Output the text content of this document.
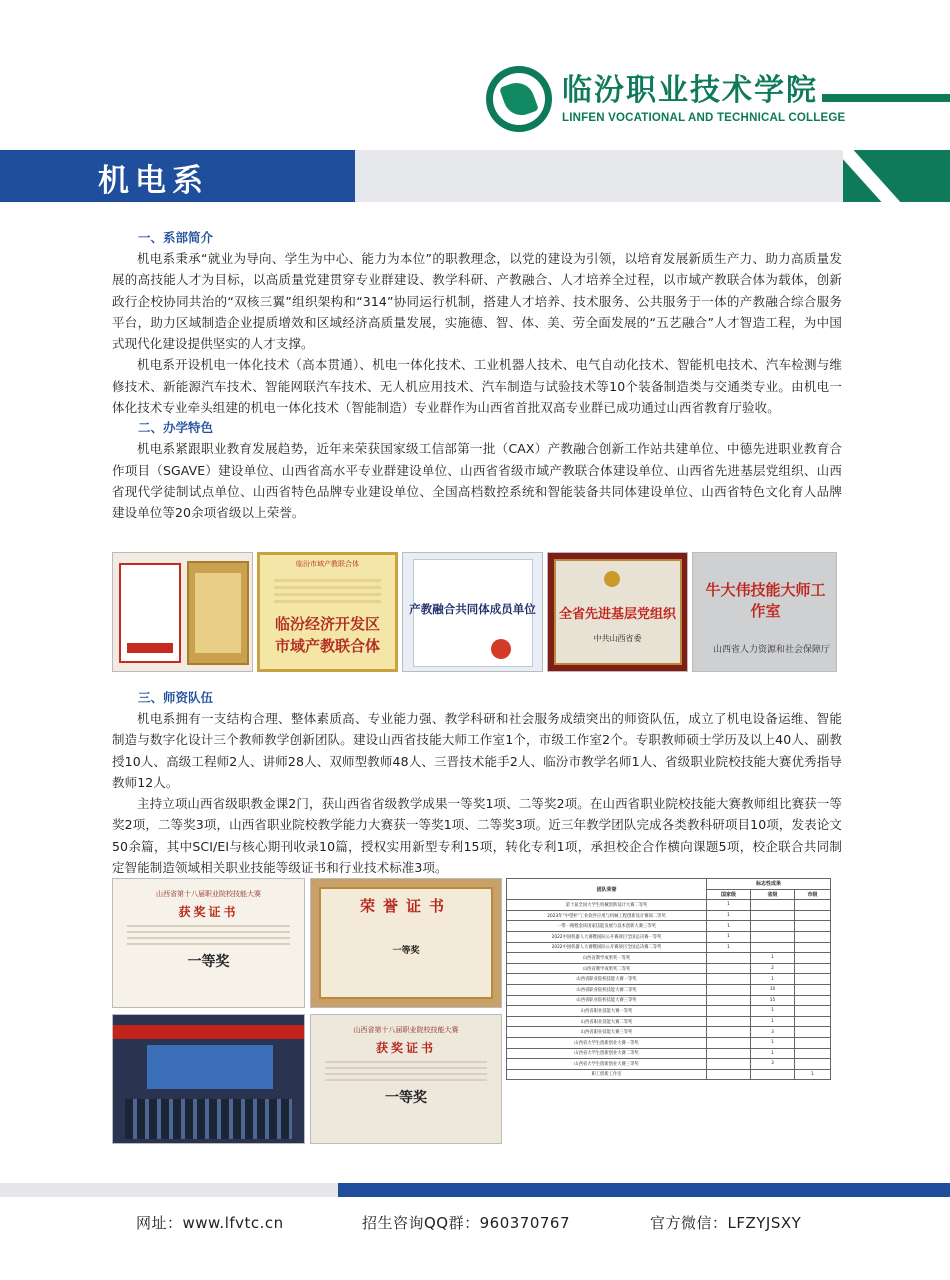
临汾职业技术学院
LINFEN VOCATIONAL AND TECHNICAL COLLEGE
机电系
一、系部简介

机电系秉承“就业为导向、学生为中心、能力为本位”的职教理念，以党的建设为引领，以培育发展新质生产力、助力高质量发展的高技能人才为目标，以高质量党建贯穿专业群建设、教学科研、产教融合、人才培养全过程，以市域产教联合体为载体，创新政行企校协同共治的“双核三翼”组织架构和“314”协同运行机制，搭建人才培养、技术服务、公共服务于一体的产教融合综合服务平台，助力区域制造企业提质增效和区域经济高质量发展，实施德、智、体、美、劳全面发展的“五艺融合”人才智造工程，为中国式现代化建设提供坚实的人才支撑。

机电系开设机电一体化技术（高本贯通）、机电一体化技术、工业机器人技术、电气自动化技术、智能机电技术、汽车检测与维修技术、新能源汽车技术、智能网联汽车技术、无人机应用技术、汽车制造与试验技术等10个装备制造类与交通类专业。由机电一体化技术专业牵头组建的机电一体化技术（智能制造）专业群作为山西省首批双高专业群已成功通过山西省教育厅验收。

二、办学特色

机电系紧跟职业教育发展趋势，近年来荣获国家级工信部第一批（CAX）产教融合创新工作站共建单位、中德先进职业教育合作项目（SGAVE）建设单位、山西省高水平专业群建设单位、山西省省级市域产教联合体建设单位、山西省先进基层党组织、山西省现代学徒制试点单位、山西省特色品牌专业建设单位、全国高档数控系统和智能装备共同体建设单位、山西省特色文化育人品牌建设单位等20余项省级以上荣誉。

临汾市域产教联合体
临汾经济开发区市域产教联合体
产教融合共同体成员单位	全省先进基层党组织
中共山西省委
牛大伟技能大师工作室
山西省人力资源和社会保障厅
三、师资队伍

机电系拥有一支结构合理、整体素质高、专业能力强、教学科研和社会服务成绩突出的师资队伍，成立了机电设备运维、智能制造与数字化设计三个教师教学创新团队。建设山西省技能大师工作室1个，市级工作室2个。专职教师硕士学历及以上40人、副教授10人、高级工程师2人、讲师28人、双师型教师48人、三晋技术能手2人、临汾市教学名师1人、省级职业院校技能大赛优秀指导教师12人。

主持立项山西省级职教金课2门，获山西省省级教学成果一等奖1项、二等奖2项。在山西省职业院校技能大赛教师组比赛获一等奖2项，二等奖3项，山西省职业院校教学能力大赛获一等奖1项、二等奖3项。近三年教学团队完成各类教科研项目10项，发表论文50余篇，其中SCI/EI与核心期刊收录10篇，授权实用新型专利15项，转化专利1项，承担校企合作横向课题5项，校企联合共同制定智能制造领域相关职业技能等级证书和行业技术标准3项。

山西省第十八届职业院校技能大赛
获奖证书
一等奖
荣誉证书
一等奖
山西省第十八届职业院校技能大赛
获奖证书
一等奖
团队荣誉	标志性成果		
	国家级	省级	市级
第十届全国大学生机械创新设计大赛二等奖	1		
2023年“中望杯”工业软件应用与机械工程创新设计赛项二等奖	1		
一带一路暨金砖国家技能发展与技术创新大赛三等奖	1		
2022中国机器人大赛暨国际公开赛项目全国总决赛一等奖	1		
2022中国机器人大赛暨国际公开赛项目全国总决赛二等奖	1		
山西省教学成果奖一等奖		1	
山西省教学成果奖二等奖		2	
山西省职业院校技能大赛一等奖		1	
山西省职业院校技能大赛二等奖		10	
山西省职业院校技能大赛三等奖		15	
山西省职业技能大赛一等奖		1	
山西省职业技能大赛二等奖		1	
山西省职业技能大赛三等奖		3	
山西省大学生创新创业大赛一等奖		1	
山西省大学生创新创业大赛二等奖		1	
山西省大学生创新创业大赛三等奖		3	
职工创新工作室			1
网址：www.lfvtc.cn	招生咨询QQ群：960370767	官方微信：LFZYJSXY
